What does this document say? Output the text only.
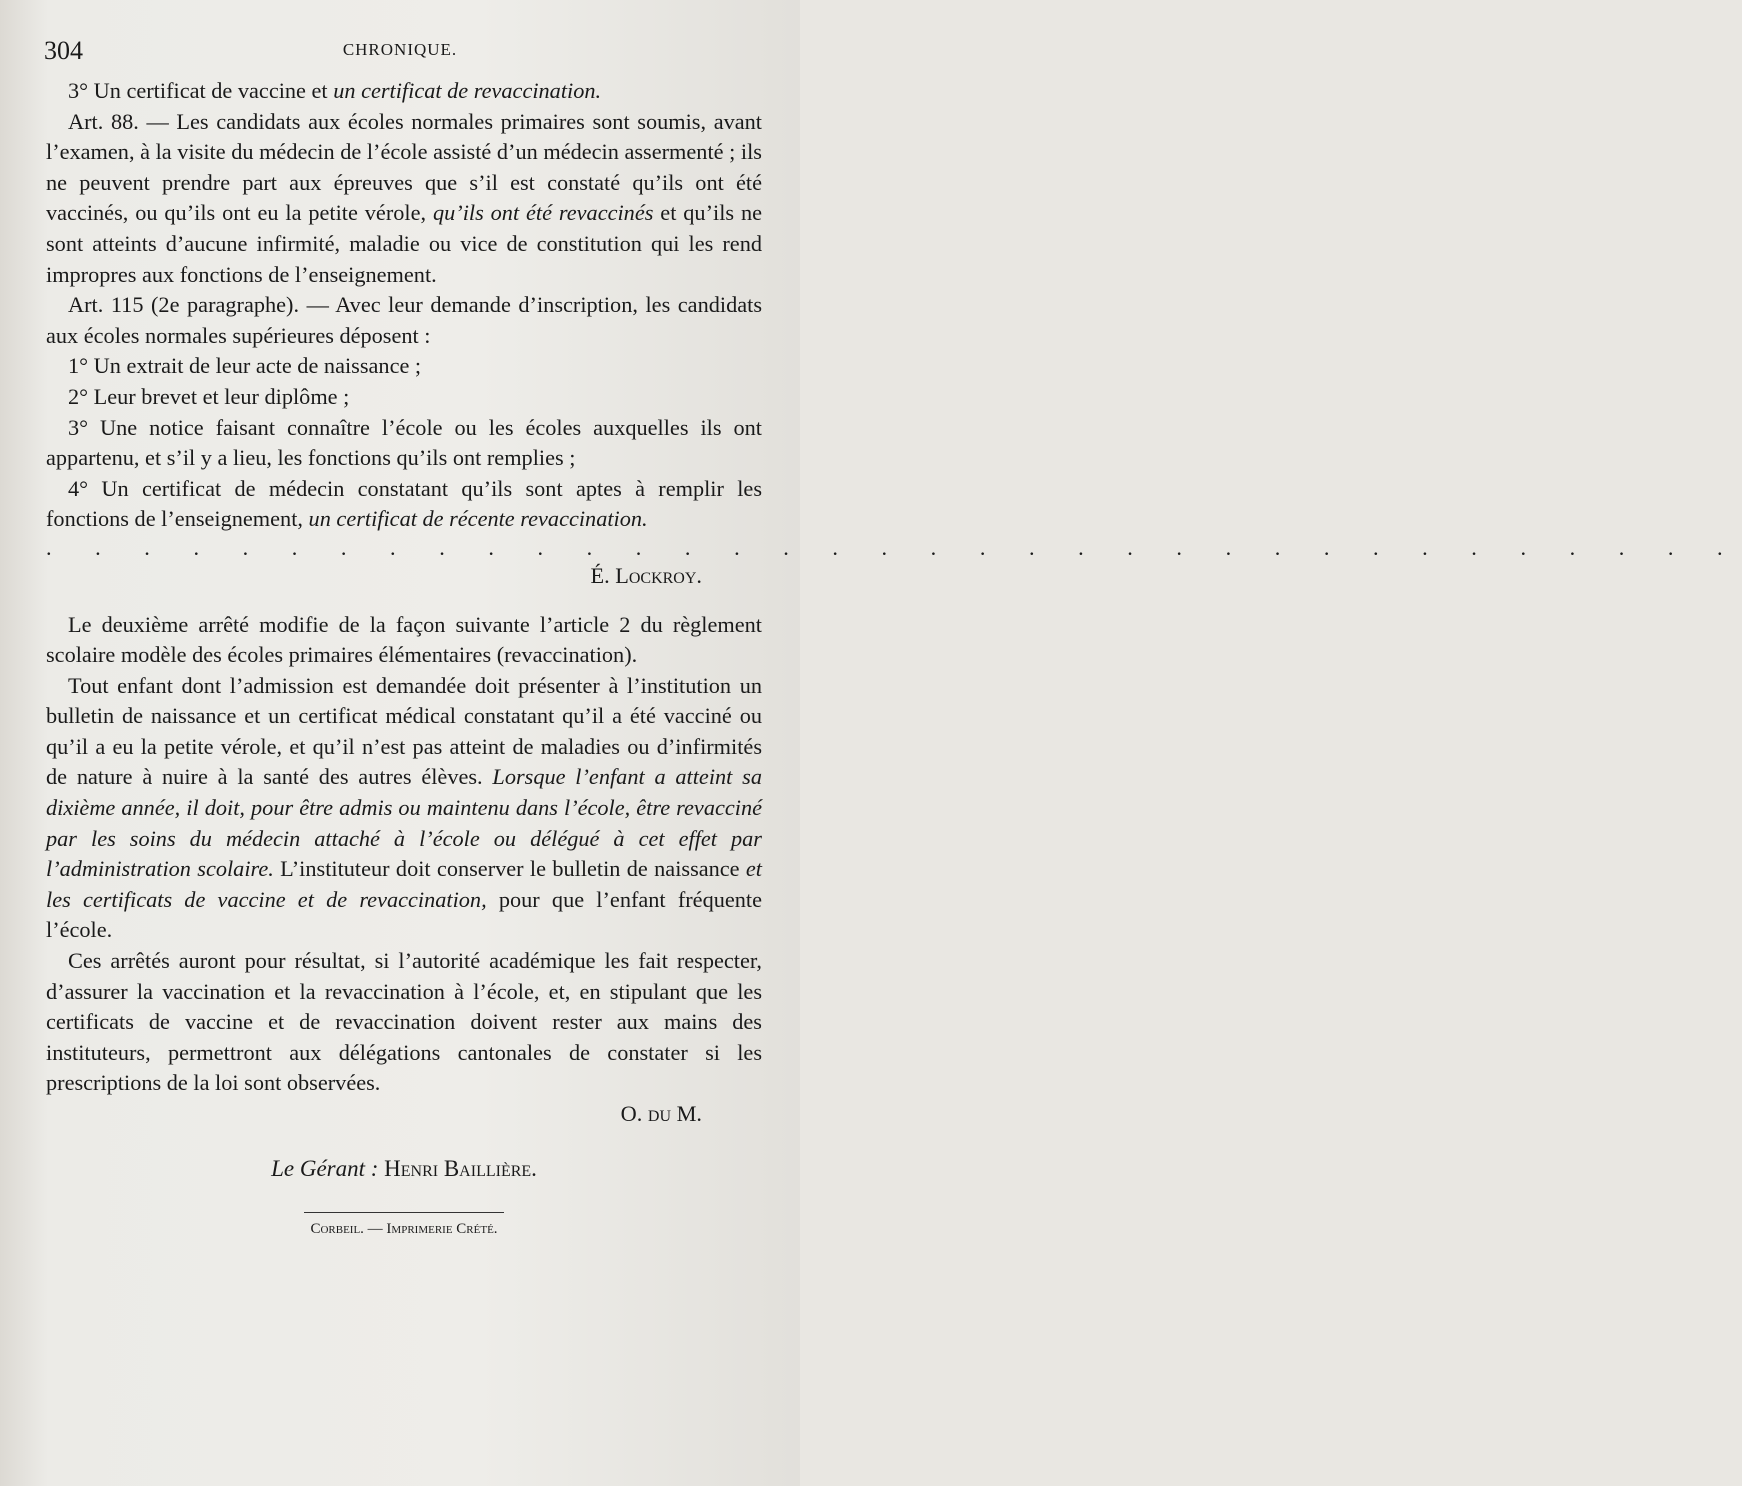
304	CHRONIQUE.

3° Un certificat de vaccine et un certificat de revaccination.

Art. 88. — Les candidats aux écoles normales primaires sont soumis, avant l’examen, à la visite du médecin de l’école assisté d’un médecin assermenté ; ils ne peuvent prendre part aux épreuves que s’il est constaté qu’ils ont été vaccinés, ou qu’ils ont eu la petite vérole, qu’ils ont été revaccinés et qu’ils ne sont atteints d’aucune infirmité, maladie ou vice de constitution qui les rend impropres aux fonctions de l’enseignement.

Art. 115 (2e paragraphe). — Avec leur demande d’inscription, les candidats aux écoles normales supérieures déposent :

1° Un extrait de leur acte de naissance ;

2° Leur brevet et leur diplôme ;

3° Une notice faisant connaître l’école ou les écoles auxquelles ils ont appartenu, et s’il y a lieu, les fonctions qu’ils ont remplies ;

4° Un certificat de médecin constatant qu’ils sont aptes à remplir les fonctions de l’enseignement, un certificat de récente revaccination.

. . . . . . . . . . . . . . . . . . . . . . . . . . . . . . . . . . .

É. Lockroy.

Le deuxième arrêté modifie de la façon suivante l’article 2 du règlement scolaire modèle des écoles primaires élémentaires (revaccination).

Tout enfant dont l’admission est demandée doit présenter à l’institution un bulletin de naissance et un certificat médical constatant qu’il a été vacciné ou qu’il a eu la petite vérole, et qu’il n’est pas atteint de maladies ou d’infirmités de nature à nuire à la santé des autres élèves. Lorsque l’enfant a atteint sa dixième année, il doit, pour être admis ou maintenu dans l’école, être revacciné par les soins du médecin attaché à l’école ou délégué à cet effet par l’administration scolaire. L’instituteur doit conserver le bulletin de naissance et les certificats de vaccine et de revaccination, pour que l’enfant fréquente l’école.

Ces arrêtés auront pour résultat, si l’autorité académique les fait respecter, d’assurer la vaccination et la revaccination à l’école, et, en stipulant que les certificats de vaccine et de revaccination doivent rester aux mains des instituteurs, permettront aux délégations cantonales de constater si les prescriptions de la loi sont observées.

O. du M.

Le Gérant : Henri Baillière.

Corbeil. — Imprimerie Crété.
